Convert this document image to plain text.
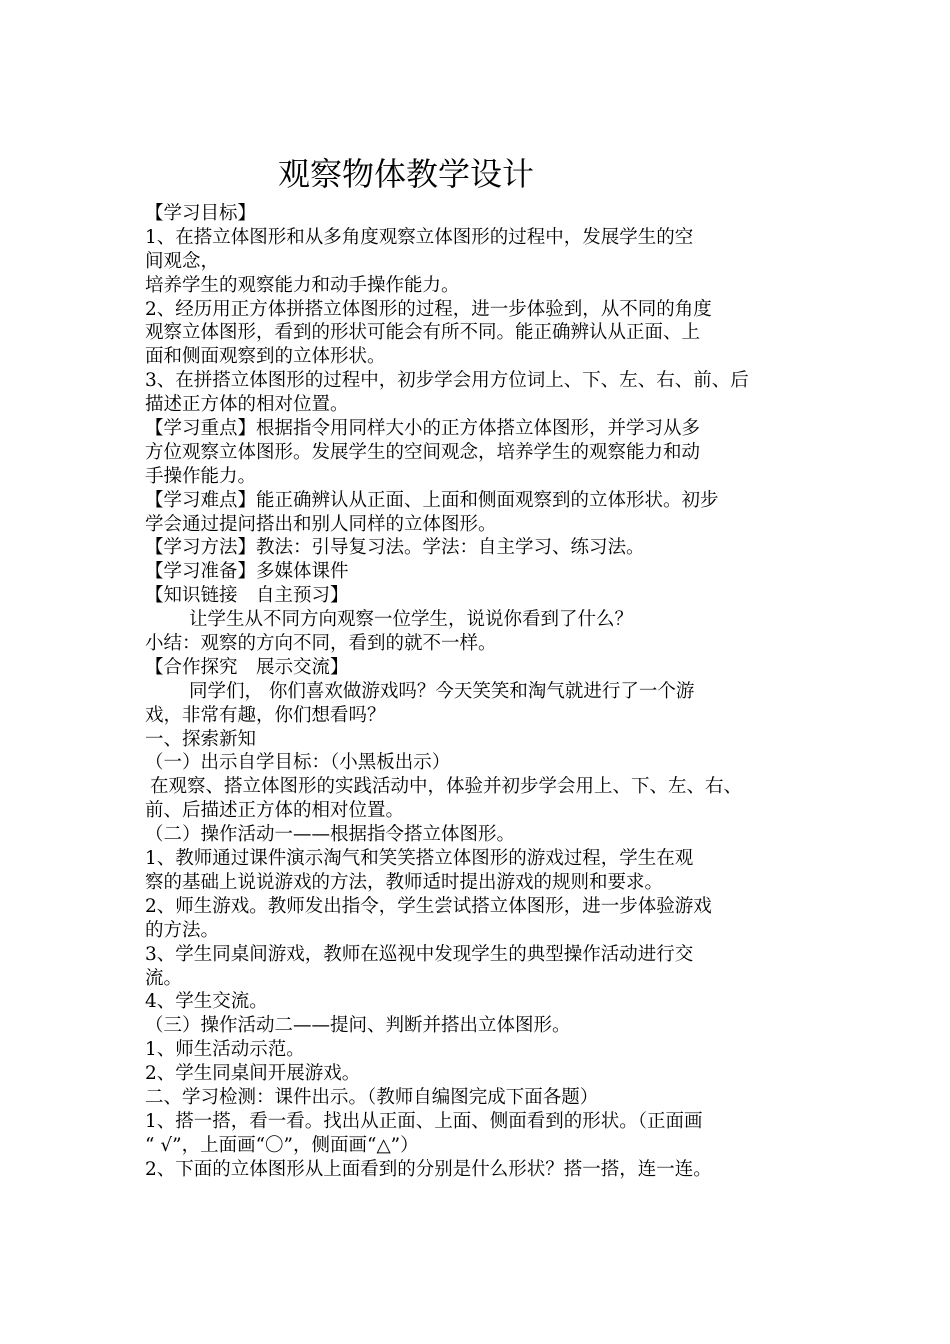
观察物体教学设计
【学习目标】
1、在搭立体图形和从多角度观察立体图形的过程中，发展学生的空
间观念，
培养学生的观察能力和动手操作能力。
2、经历用正方体拼搭立体图形的过程，进一步体验到，从不同的角度
观察立体图形，看到的形状可能会有所不同。能正确辨认从正面、上
面和侧面观察到的立体形状。
3、在拼搭立体图形的过程中，初步学会用方位词上、下、左、右、前、后
描述正方体的相对位置。
【学习重点】根据指令用同样大小的正方体搭立体图形，并学习从多
方位观察立体图形。发展学生的空间观念，培养学生的观察能力和动
手操作能力。
【学习难点】能正确辨认从正面、上面和侧面观察到的立体形状。初步
学会通过提问搭出和别人同样的立体图形。
【学习方法】教法：引导复习法。学法：自主学习、练习法。
【学习准备】多媒体课件
【知识链接　自主预习】
让学生从不同方向观察一位学生，说说你看到了什么？
小结：观察的方向不同，看到的就不一样。
【合作探究　展示交流】
同学们， 你们喜欢做游戏吗？今天笑笑和淘气就进行了一个游
戏，非常有趣，你们想看吗？
一、探索新知
（一）出示自学目标：（小黑板出示）
在观察、搭立体图形的实践活动中，体验并初步学会用上、下、左、右、
前、后描述正方体的相对位置。
（二）操作活动一——根据指令搭立体图形。
1、教师通过课件演示淘气和笑笑搭立体图形的游戏过程，学生在观
察的基础上说说游戏的方法，教师适时提出游戏的规则和要求。
2、师生游戏。教师发出指令，学生尝试搭立体图形，进一步体验游戏
的方法。
3、学生同桌间游戏，教师在巡视中发现学生的典型操作活动进行交
流。
4、学生交流。
（三）操作活动二——提问、判断并搭出立体图形。
1、师生活动示范。
2、学生同桌间开展游戏。
二、学习检测：课件出示。（教师自编图完成下面各题）
1、搭一搭，看一看。找出从正面、上面、侧面看到的形状。（正面画
“ √”，上面画“〇”，侧面画“△”）
2、下面的立体图形从上面看到的分别是什么形状？搭一搭，连一连。
